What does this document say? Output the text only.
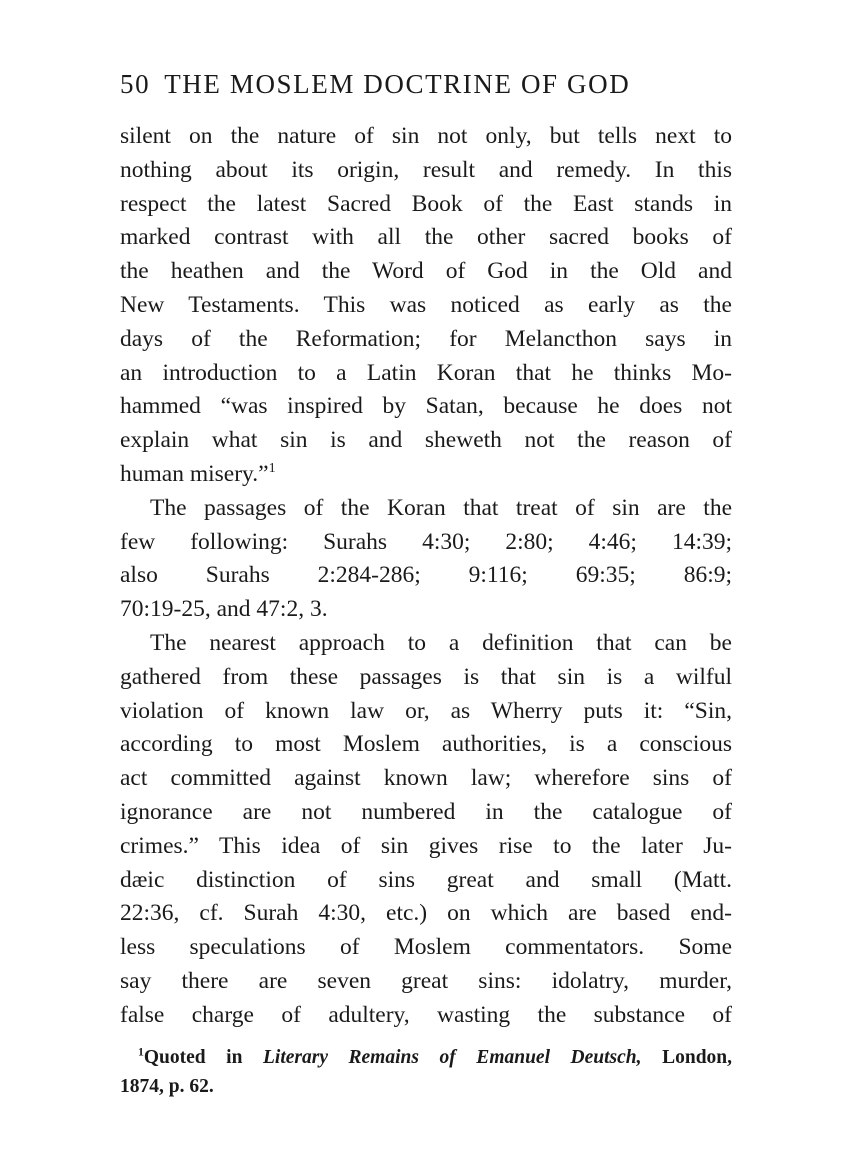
50 THE MOSLEM DOCTRINE OF GOD
silent on the nature of sin not only, but tells next to
nothing about its origin, result and remedy. In this
respect the latest Sacred Book of the East stands in
marked contrast with all the other sacred books of
the heathen and the Word of God in the Old and
New Testaments. This was noticed as early as the
days of the Reformation; for Melancthon says in
an introduction to a Latin Koran that he thinks Mo-
hammed “was inspired by Satan, because he does not
explain what sin is and sheweth not the reason of
human misery.”$^1$
The passages of the Koran that treat of sin are the
few following: Surahs 4:30; 2:80; 4:46; 14:39;
also Surahs 2:284-286; 9:116; 69:35; 86:9;
70:19-25, and 47:2, 3.
The nearest approach to a definition that can be
gathered from these passages is that sin is a wilful
violation of known law or, as Wherry puts it: “Sin,
according to most Moslem authorities, is a conscious
act committed against known law; wherefore sins of
ignorance are not numbered in the catalogue of
crimes.” This idea of sin gives rise to the later Ju-
dæic distinction of sins great and small (Matt.
22:36, cf. Surah 4:30, etc.) on which are based end-
less speculations of Moslem commentators. Some
say there are seven great sins: idolatry, murder,
false charge of adultery, wasting the substance of
$^1$Quoted in Literary Remains of Emanuel Deutsch, London,
1874, p. 62.
